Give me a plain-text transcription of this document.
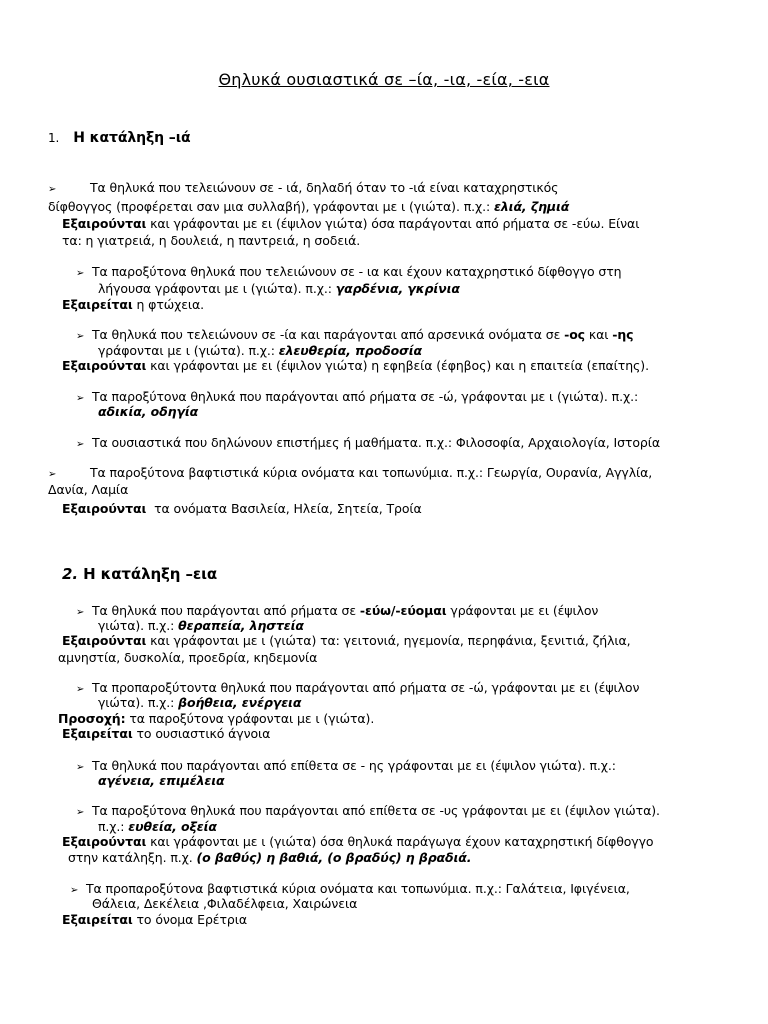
Θηλυκά ουσιαστικά σε –ία, -ια, -εία, -εια
1. Η κατάληξη –ιά
➢	Τα θηλυκά που τελειώνουν σε - ιά, δηλαδή όταν το -ιά είναι καταχρηστικός
δίφθογγος (προφέρεται σαν μια συλλαβή), γράφονται με ι (γιώτα). π.χ.: ελιά, ζημιά
Εξαιρούνται και γράφονται με ει (έψιλον γιώτα) όσα παράγονται από ρήματα σε -εύω. Είναι
τα: η γιατρειά, η δουλειά, η παντρειά, η σοδειά.
➢ Τα παροξύτονα θηλυκά που τελειώνουν σε - ια και έχουν καταχρηστικό δίφθογγο στη
λήγουσα γράφονται με ι (γιώτα). π.χ.: γαρδένια, γκρίνια
Εξαιρείται η φτώχεια.
➢ Τα θηλυκά που τελειώνουν σε -ία και παράγονται από αρσενικά ονόματα σε -ος και -ης
γράφονται με ι (γιώτα). π.χ.: ελευθερία, προδοσία
Εξαιρούνται και γράφονται με ει (έψιλον γιώτα) η εφηβεία (έφηβος) και η επαιτεία (επαίτης).
➢ Τα παροξύτονα θηλυκά που παράγονται από ρήματα σε -ώ, γράφονται με ι (γιώτα). π.χ.:
αδικία, οδηγία
➢ Τα ουσιαστικά που δηλώνουν επιστήμες ή μαθήματα. π.χ.: Φιλοσοφία, Αρχαιολογία, Ιστορία
➢	Τα παροξύτονα βαφτιστικά κύρια ονόματα και τοπωνύμια. π.χ.: Γεωργία, Ουρανία, Αγγλία,
Δανία, Λαμία
Εξαιρούνται τα ονόματα Βασιλεία, Ηλεία, Σητεία, Τροία
2. Η κατάληξη –εια
➢ Τα θηλυκά που παράγονται από ρήματα σε -εύω/-εύομαι γράφονται με ει (έψιλον
γιώτα). π.χ.: θεραπεία, ληστεία
Εξαιρούνται και γράφονται με ι (γιώτα) τα: γειτονιά, ηγεμονία, περηφάνια, ξενιτιά, ζήλια,
αμνηστία, δυσκολία, προεδρία, κηδεμονία
➢ Τα προπαροξύτοντα θηλυκά που παράγονται από ρήματα σε -ώ, γράφονται με ει (έψιλον
γιώτα). π.χ.: βοήθεια, ενέργεια
Προσοχή: τα παροξύτονα γράφονται με ι (γιώτα).
Εξαιρείται το ουσιαστικό άγνοια
➢ Τα θηλυκά που παράγονται από επίθετα σε - ης γράφονται με ει (έψιλον γιώτα). π.χ.:
αγένεια, επιμέλεια
➢ Τα παροξύτονα θηλυκά που παράγονται από επίθετα σε -υς γράφονται με ει (έψιλον γιώτα).
π.χ.: ευθεία, οξεία
Εξαιρούνται και γράφονται με ι (γιώτα) όσα θηλυκά παράγωγα έχουν καταχρηστική δίφθογγο
στην κατάληξη. π.χ. (ο βαθύς) η βαθιά, (ο βραδύς) η βραδιά.
➢ Τα προπαροξύτονα βαφτιστικά κύρια ονόματα και τοπωνύμια. π.χ.: Γαλάτεια, Ιφιγένεια,
Θάλεια, Δεκέλεια ,Φιλαδέλφεια, Χαιρώνεια
Εξαιρείται το όνομα Ερέτρια
